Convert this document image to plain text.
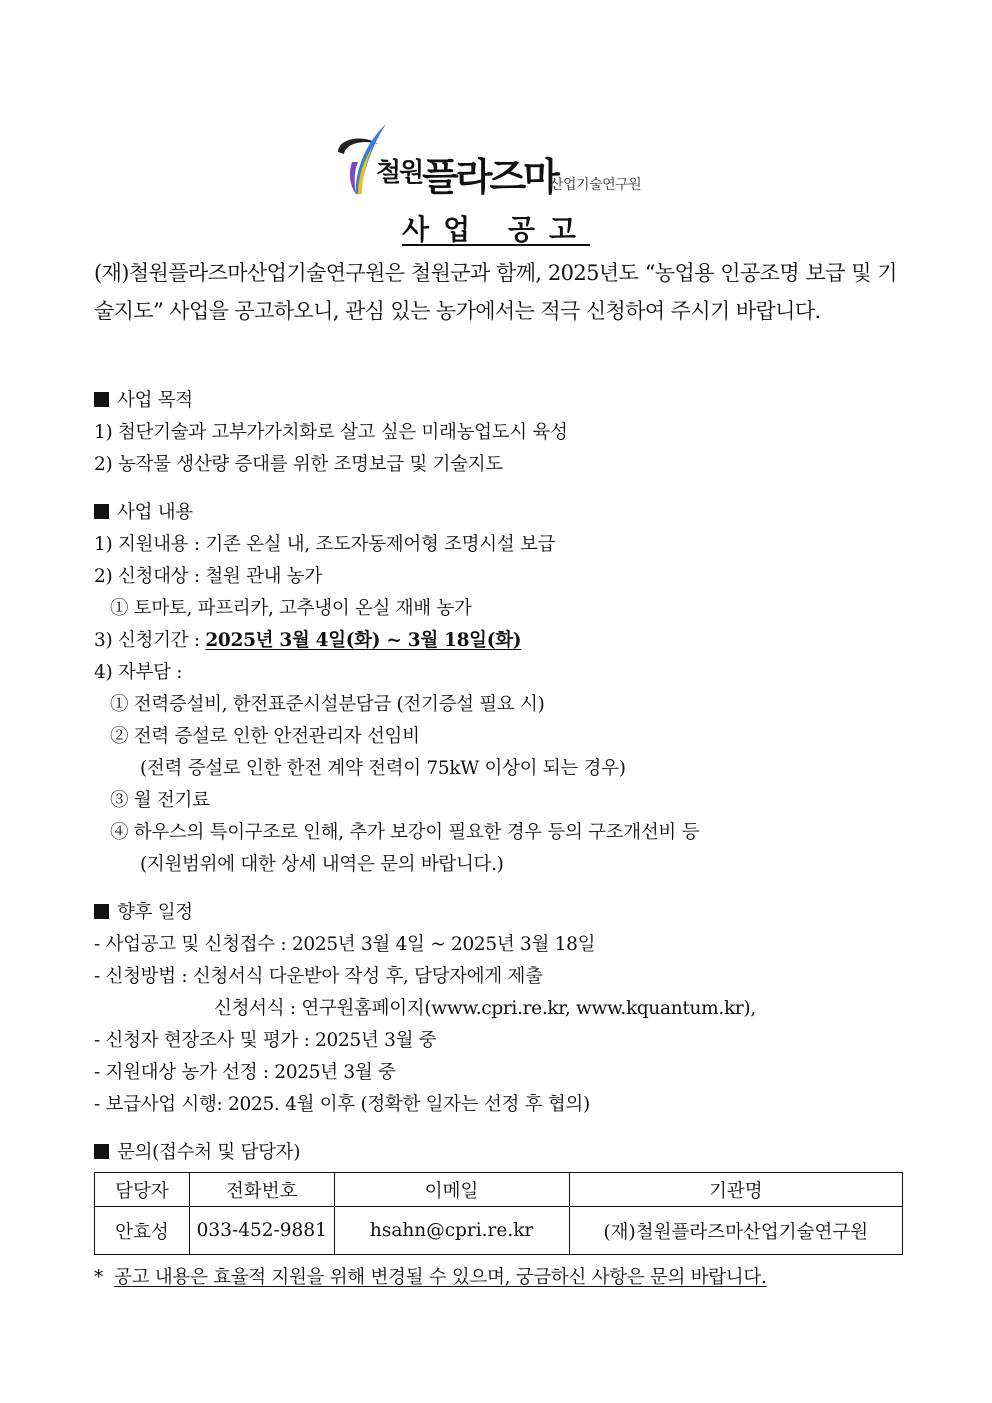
철원 플라즈마
산업기술연구원
사업 공고
(재)철원플라즈마산업기술연구원은 철원군과 함께, 2025년도 “농업용 인공조명 보급 및 기술지도” 사업을 공고하오니, 관심 있는 농가에서는 적극 신청하여 주시기 바랍니다.
사업 목적
1) 첨단기술과 고부가가치화로 살고 싶은 미래농업도시 육성
2) 농작물 생산량 증대를 위한 조명보급 및 기술지도
사업 내용
1) 지원내용 : 기존 온실 내, 조도자동제어형 조명시설 보급
2) 신청대상 : 철원 관내 농가
① 토마토, 파프리카, 고추냉이 온실 재배 농가
3) 신청기간 : 2025년 3월 4일(화) ~ 3월 18일(화)
4) 자부담 :
① 전력증설비, 한전표준시설분담금 (전기증설 필요 시)
② 전력 증설로 인한 안전관리자 선임비
(전력 증설로 인한 한전 계약 전력이 75kW 이상이 되는 경우)
③ 월 전기료
④ 하우스의 특이구조로 인해, 추가 보강이 필요한 경우 등의 구조개선비 등
(지원범위에 대한 상세 내역은 문의 바랍니다.)
향후 일정
- 사업공고 및 신청접수 : 2025년 3월 4일 ~ 2025년 3월 18일
- 신청방법 : 신청서식 다운받아 작성 후, 담당자에게 제출
신청서식 : 연구원홈페이지(www.cpri.re.kr, www.kquantum.kr),
- 신청자 현장조사 및 평가 : 2025년 3월 중
- 지원대상 농가 선정 : 2025년 3월 중
- 보급사업 시행: 2025. 4월 이후 (정확한 일자는 선정 후 협의)
문의(접수처 및 담당자)
담당자	전화번호	이메일	기관명
안효성	033-452-9881	hsahn@cpri.re.kr	(재)철원플라즈마산업기술연구원
* 공고 내용은 효율적 지원을 위해 변경될 수 있으며, 궁금하신 사항은 문의 바랍니다.
